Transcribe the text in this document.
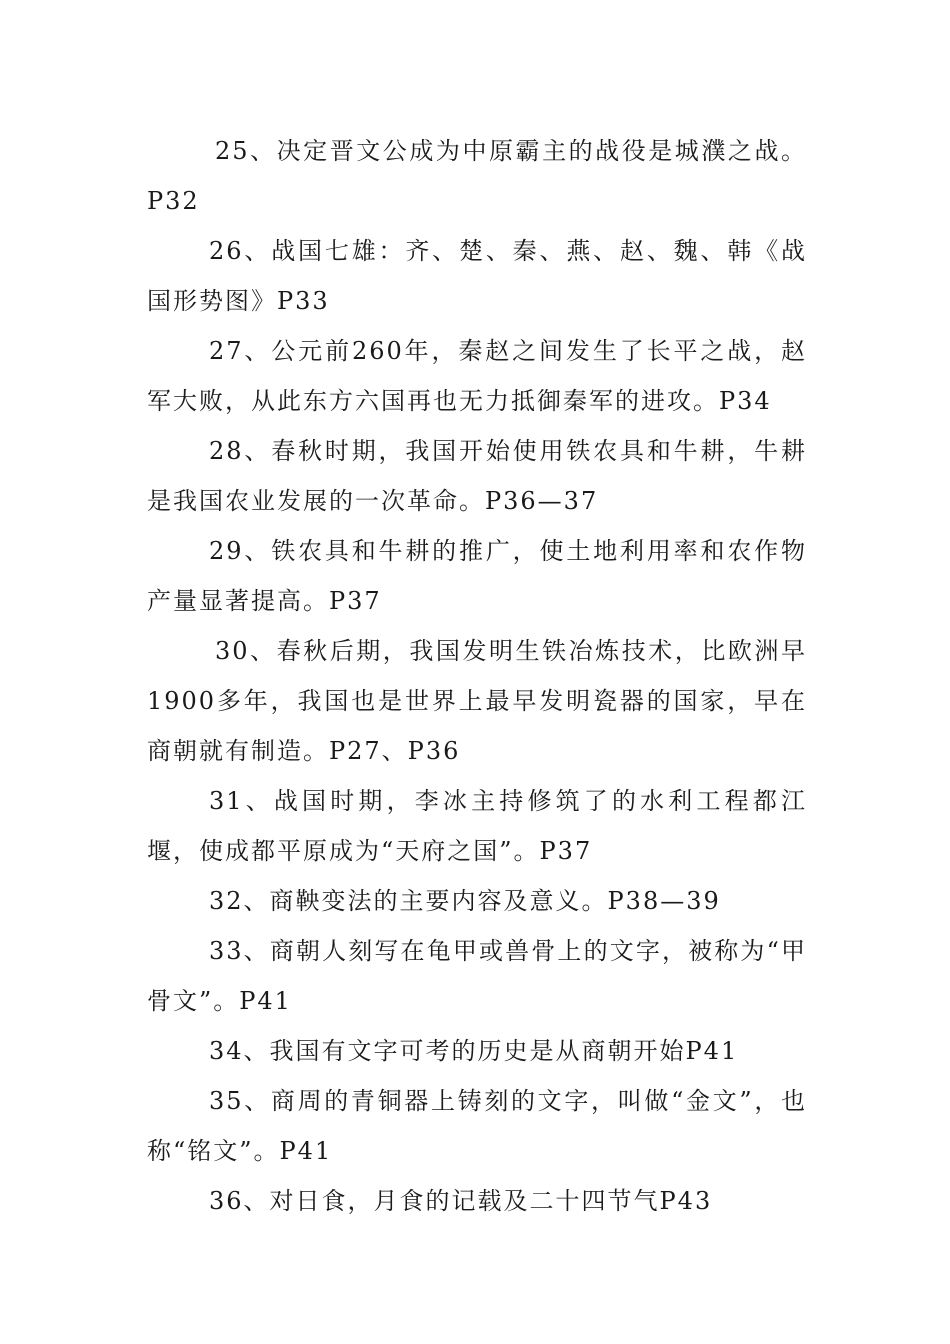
25、决定晋文公成为中原霸主的战役是城濮之战。P32

26、战国七雄：齐、楚、秦、燕、赵、魏、韩《战国形势图》P33

27、公元前260年，秦赵之间发生了长平之战，赵军大败，从此东方六国再也无力抵御秦军的进攻。P34

28、春秋时期，我国开始使用铁农具和牛耕，牛耕是我国农业发展的一次革命。P36—37

29、铁农具和牛耕的推广，使土地利用率和农作物产量显著提高。P37

30、春秋后期，我国发明生铁冶炼技术，比欧洲早1900多年，我国也是世界上最早发明瓷器的国家，早在商朝就有制造。P27、P36

31、战国时期，李冰主持修筑了的水利工程都江堰，使成都平原成为“天府之国”。P37

32、商鞅变法的主要内容及意义。P38—39

33、商朝人刻写在龟甲或兽骨上的文字，被称为“甲骨文”。P41

34、我国有文字可考的历史是从商朝开始P41

35、商周的青铜器上铸刻的文字，叫做“金文”，也称“铭文”。P41

36、对日食，月食的记载及二十四节气P43
